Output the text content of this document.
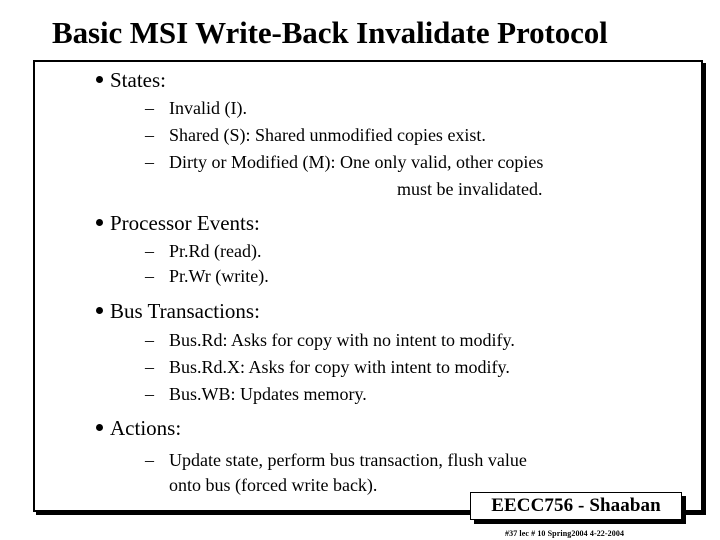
Basic MSI Write-Back Invalidate Protocol
States:
– Invalid (I).
– Shared (S): Shared unmodified copies exist.
– Dirty or Modified (M): One only valid, other copies
must be invalidated.
Processor Events:
– Pr.Rd (read).
– Pr.Wr (write).
Bus Transactions:
– Bus.Rd: Asks for copy with no intent to modify.
– Bus.Rd.X: Asks for copy with intent to modify.
– Bus.WB: Updates memory.
Actions:
– Update state, perform bus transaction, flush value
onto bus (forced write back).
EECC756 - Shaaban
#37 lec # 10 Spring2004 4-22-2004
